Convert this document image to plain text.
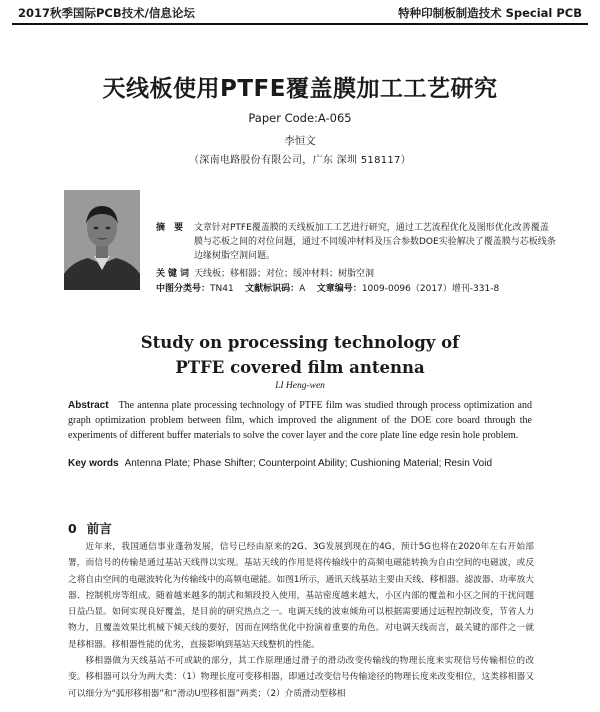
2017秋季国际PCB技术/信息论坛	特种印制板制造技术 Special PCB
天线板使用PTFE覆盖膜加工工艺研究
Paper Code:A-065
李恒文
（深南电路股份有限公司，广东 深圳 518117）
摘 要 文章针对PTFE覆盖膜的天线板加工工艺进行研究，通过工艺流程优化及图形优化改善覆盖膜与芯板之间的对位问题，通过不同缓冲材料及压合参数DOE实验解决了覆盖膜与芯板线条边缘树脂空洞问题。
关键词 天线板；移相器；对位；缓冲材料；树脂空洞
中图分类号：TN41 文献标识码：A 文章编号：1009-0096（2017）增刊-331-8
Study on processing technology of
PTFE covered film antenna
LI Heng-wen
Abstract The antenna plate processing technology of PTFE film was studied through process optimization and graph optimization problem between film, which improved the alignment of the DOE core board through the experiments of different buffer materials to solve the cover layer and the core plate line edge resin hole problem.
Key words Antenna Plate; Phase Shifter; Counterpoint Ability; Cushioning Material; Resin Void
0 前言

近年来，我国通信事业蓬勃发展，信号已经由原来的2G、3G发展到现在的4G，预计5G也将在2020年左右开始部署，而信号的传输是通过基站天线得以实现。基站天线的作用是将传输线中的高频电磁能转换为自由空间的电磁波，或反之将自由空间的电磁波转化为传输线中的高频电磁能。如图1所示，通讯天线基站主要由天线、移相器、滤波器、功率放大器、控制机房等组成。随着越来越多的制式和频段投入使用，基站密度越来越大，小区内部的覆盖和小区之间的干扰问题日益凸显。如何实现良好覆盖，是目前的研究热点之一。电调天线的波束倾角可以根据需要通过远程控制改变，节省人力物力，且覆盖效果比机械下倾天线的要好，因而在网络优化中扮演着重要的角色。对电调天线而言，最关键的部件之一就是移相器。移相器性能的优劣，直接影响到基站天线整机的性能。

移相器做为天线基站不可或缺的部分，其工作原理通过滑子的滑动改变传输线的物理长度来实现信号传输相位的改变。移相器可以分为两大类：（1）物理长度可变移相器，即通过改变信号传输途径的物理长度来改变相位，这类移相器又可以细分为“弧形移相器”和“滑动U型移相器”两类；（2）介质滑动型移相
